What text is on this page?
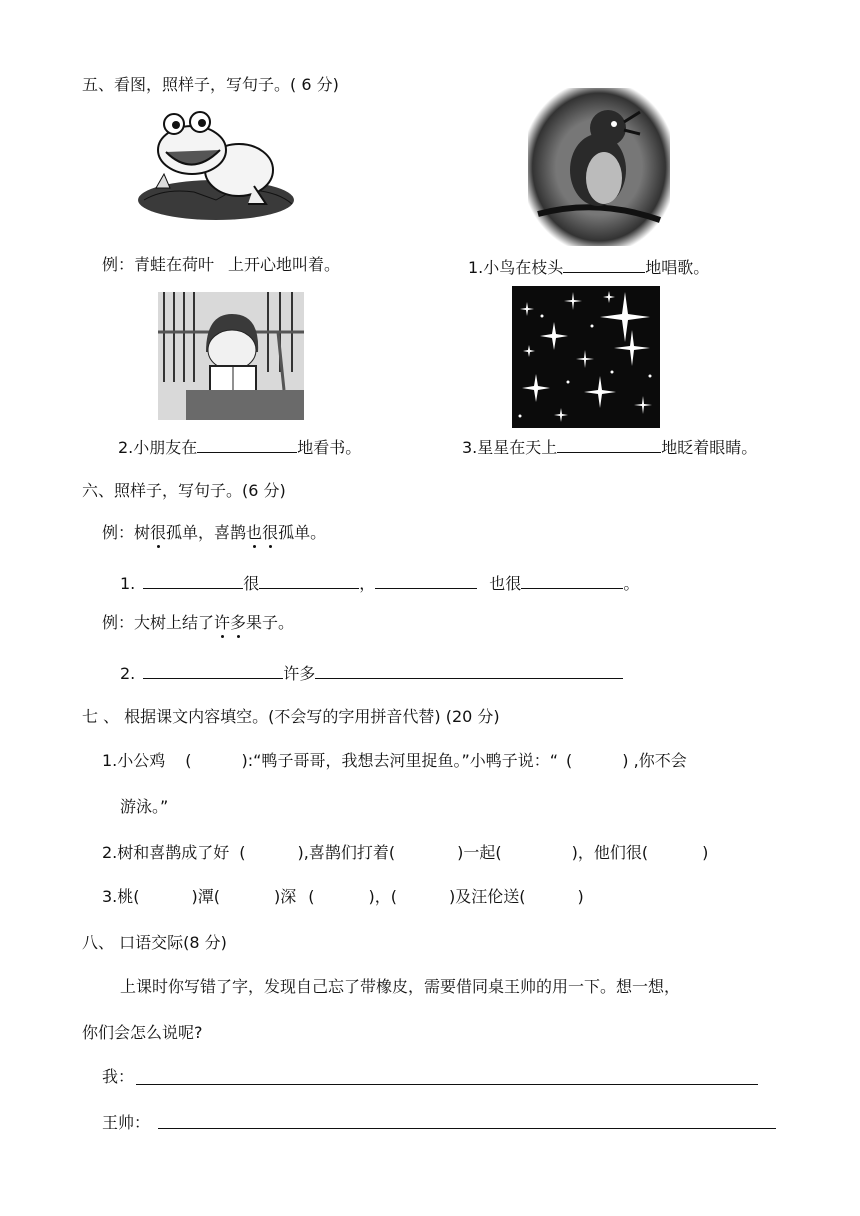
五、看图，照样子，写句子。( 6 分)
例：青蛙在荷叶 上开心地叫着。	1.小鸟在枝头	地唱歌。
2.小朋友在	地看书。	3.星星在天上	地眨着眼睛。
六、照样子，写句子。(6 分)
例：树很孤单，喜鹊也很孤单。
1.	很	，	也很	。
例：大树上结了许多果子。
2.	许多
七 、 根据课文内容填空。(不会写的字用拼音代替) (20 分)
1.小公鸡 (	):“鸭子哥哥，我想去河里捉鱼。”小鸭子说：“ (	) ,你不会
游泳。”
2.树和喜鹊成了好 (	),喜鹊们打着(	)一起(	)，他们很(	)
3.桃(	)潭(	)深 (	)，(	)及汪伦送(	)
八、 口语交际(8 分)
上课时你写错了字，发现自己忘了带橡皮，需要借同桌王帅的用一下。想一想，
你们会怎么说呢?
我：
王帅：
